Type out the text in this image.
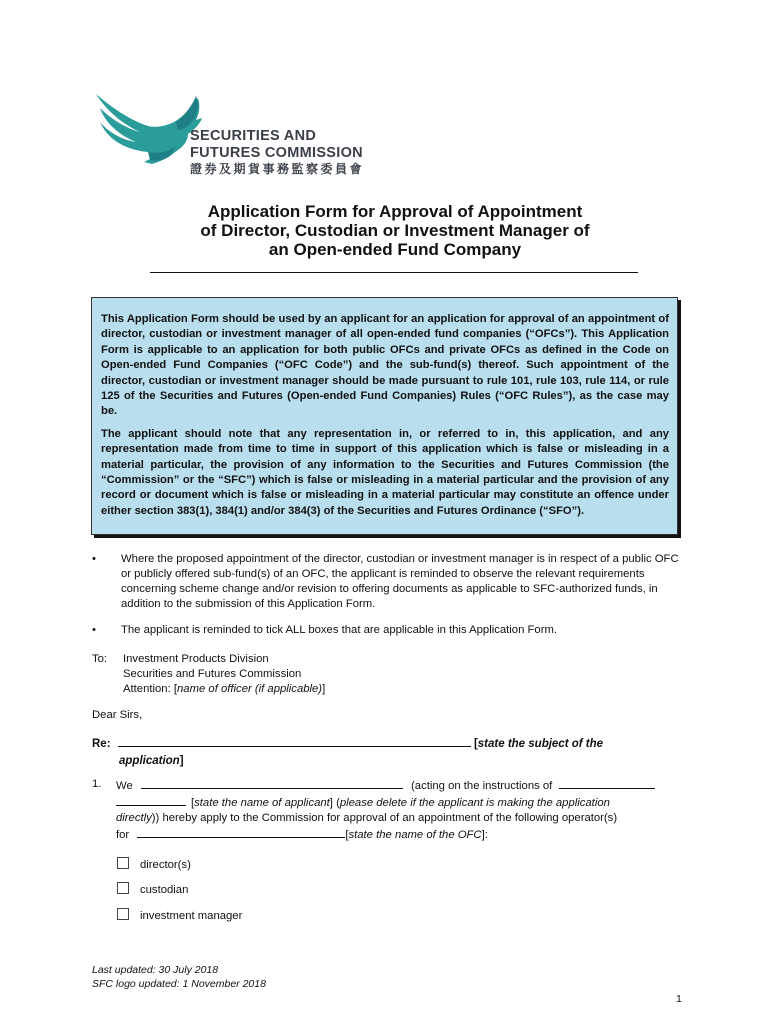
SECURITIES AND
FUTURES COMMISSION
證券及期貨事務監察委員會
Application Form for Approval of Appointment
of Director, Custodian or Investment Manager of
an Open-ended Fund Company

This Application Form should be used by an applicant for an application for approval of an appointment of director, custodian or investment manager of all open-ended fund companies (“OFCs”). This Application Form is applicable to an application for both public OFCs and private OFCs as defined in the Code on Open-ended Fund Companies (“OFC Code”) and the sub-fund(s) thereof. Such appointment of the director, custodian or investment manager should be made pursuant to rule 101, rule 103, rule 114, or rule 125 of the Securities and Futures (Open-ended Fund Companies) Rules (“OFC Rules”), as the case may be.

The applicant should note that any representation in, or referred to in, this application, and any representation made from time to time in support of this application which is false or misleading in a material particular, the provision of any information to the Securities and Futures Commission (the “Commission” or the “SFC”) which is false or misleading in a material particular and the provision of any record or document which is false or misleading in a material particular may constitute an offence under either section 383(1), 384(1) and/or 384(3) of the Securities and Futures Ordinance (“SFO”).

• Where the proposed appointment of the director, custodian or investment manager is in respect of a public OFC or publicly offered sub-fund(s) of an OFC, the applicant is reminded to observe the relevant requirements concerning scheme change and/or revision to offering documents as applicable to SFC-authorized funds, in addition to the submission of this Application Form.
• The applicant is reminded to tick ALL boxes that are applicable in this Application Form.
To: Investment Products Division
Securities and Futures Commission
Attention: [name of officer (if applicable)]
Dear Sirs,
Re:	[state the subject of the
application]
1. We	(acting on the instructions of
[state the name of applicant] (please delete if the applicant is making the application
directly)) hereby apply to the Commission for approval of an appointment of the following operator(s)
for	[state the name of the OFC]:
director(s)
custodian
investment manager
Last updated: 30 July 2018
SFC logo updated: 1 November 2018
1
